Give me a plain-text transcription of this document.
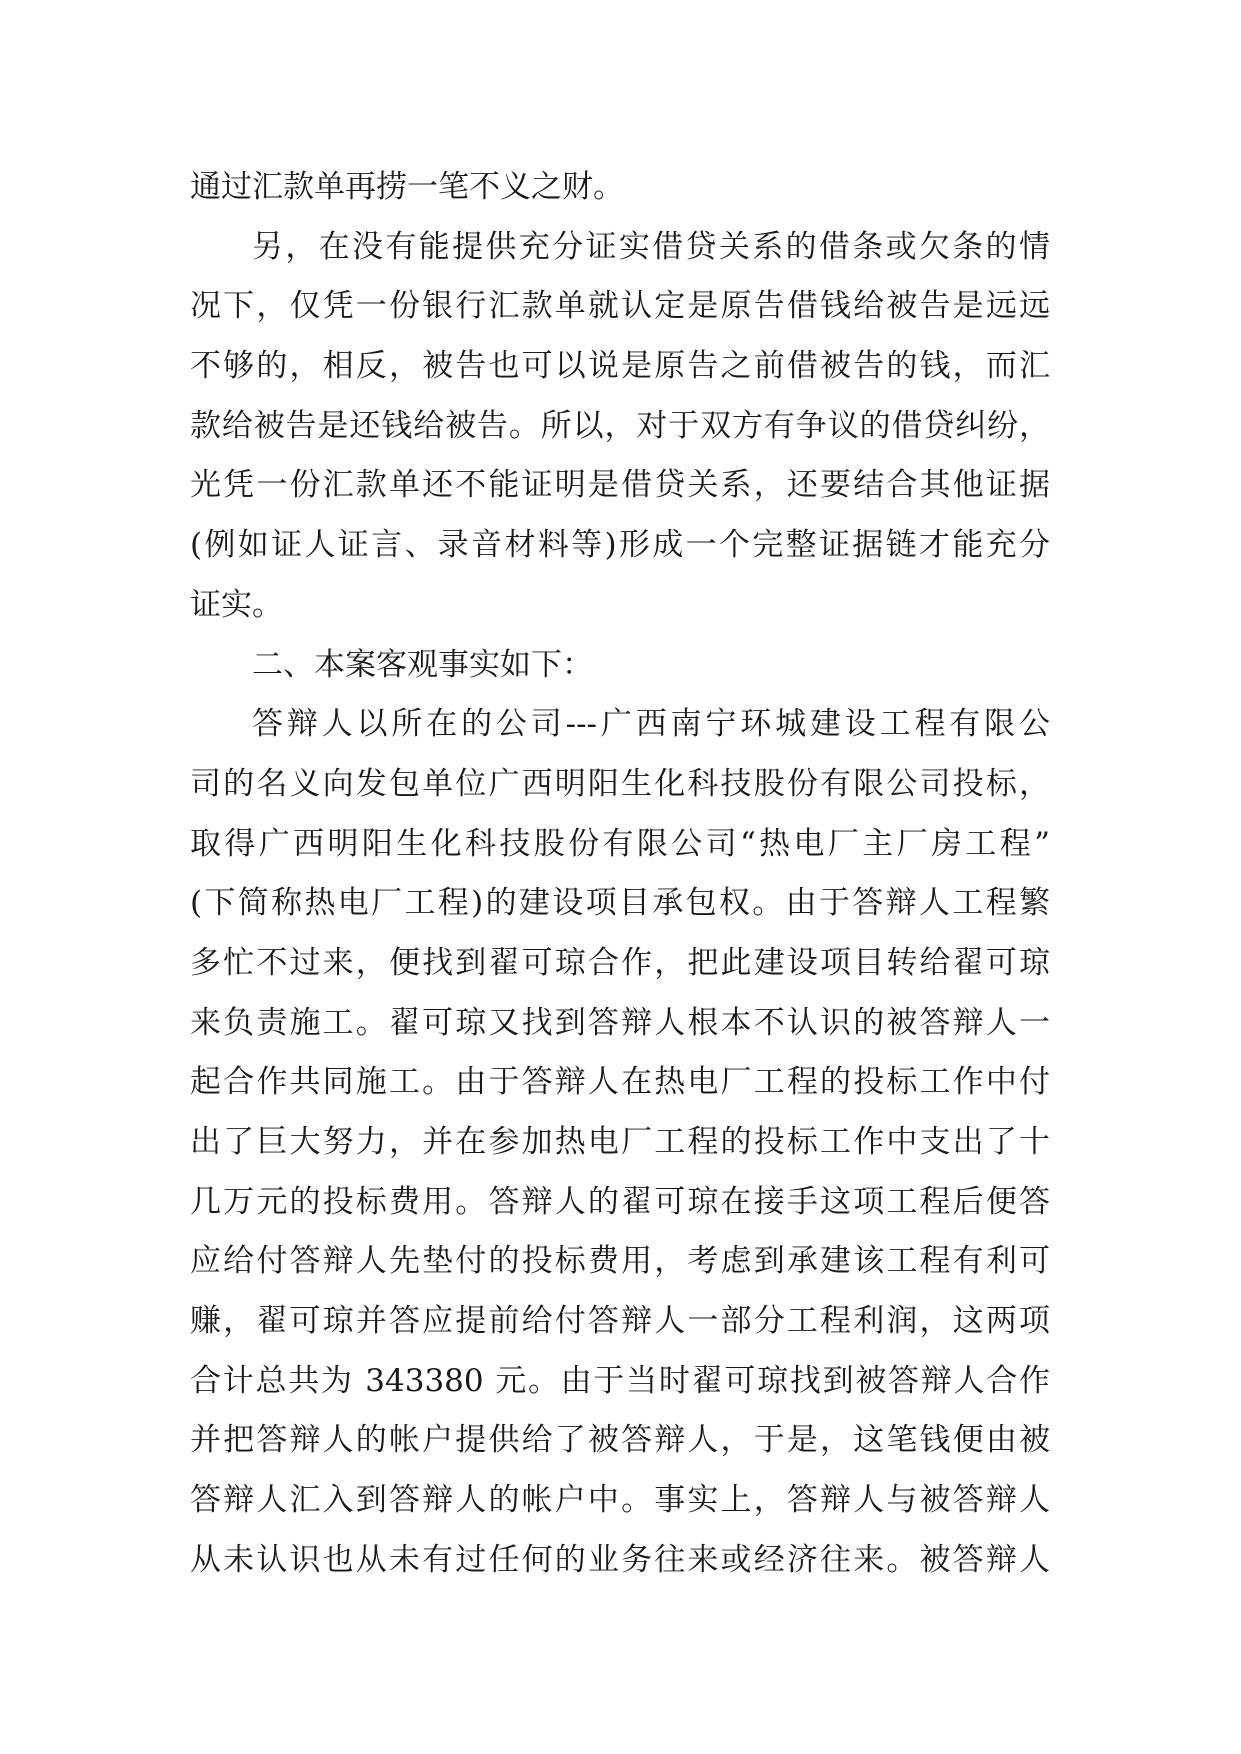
通过汇款单再捞一笔不义之财。
另，在没有能提供充分证实借贷关系的借条或欠条的情
况下，仅凭一份银行汇款单就认定是原告借钱给被告是远远
不够的，相反，被告也可以说是原告之前借被告的钱，而汇
款给被告是还钱给被告。所以，对于双方有争议的借贷纠纷，
光凭一份汇款单还不能证明是借贷关系，还要结合其他证据
(例如证人证言、录音材料等)形成一个完整证据链才能充分
证实。
二、本案客观事实如下：
答辩人以所在的公司---广西南宁环城建设工程有限公
司的名义向发包单位广西明阳生化科技股份有限公司投标，
取得广西明阳生化科技股份有限公司“热电厂主厂房工程”
(下简称热电厂工程)的建设项目承包权。由于答辩人工程繁
多忙不过来，便找到翟可琼合作，把此建设项目转给翟可琼
来负责施工。翟可琼又找到答辩人根本不认识的被答辩人一
起合作共同施工。由于答辩人在热电厂工程的投标工作中付
出了巨大努力，并在参加热电厂工程的投标工作中支出了十
几万元的投标费用。答辩人的翟可琼在接手这项工程后便答
应给付答辩人先垫付的投标费用，考虑到承建该工程有利可
赚，翟可琼并答应提前给付答辩人一部分工程利润，这两项
合计总共为 343380 元。由于当时翟可琼找到被答辩人合作
并把答辩人的帐户提供给了被答辩人，于是，这笔钱便由被
答辩人汇入到答辩人的帐户中。事实上，答辩人与被答辩人
从未认识也从未有过任何的业务往来或经济往来。被答辩人
